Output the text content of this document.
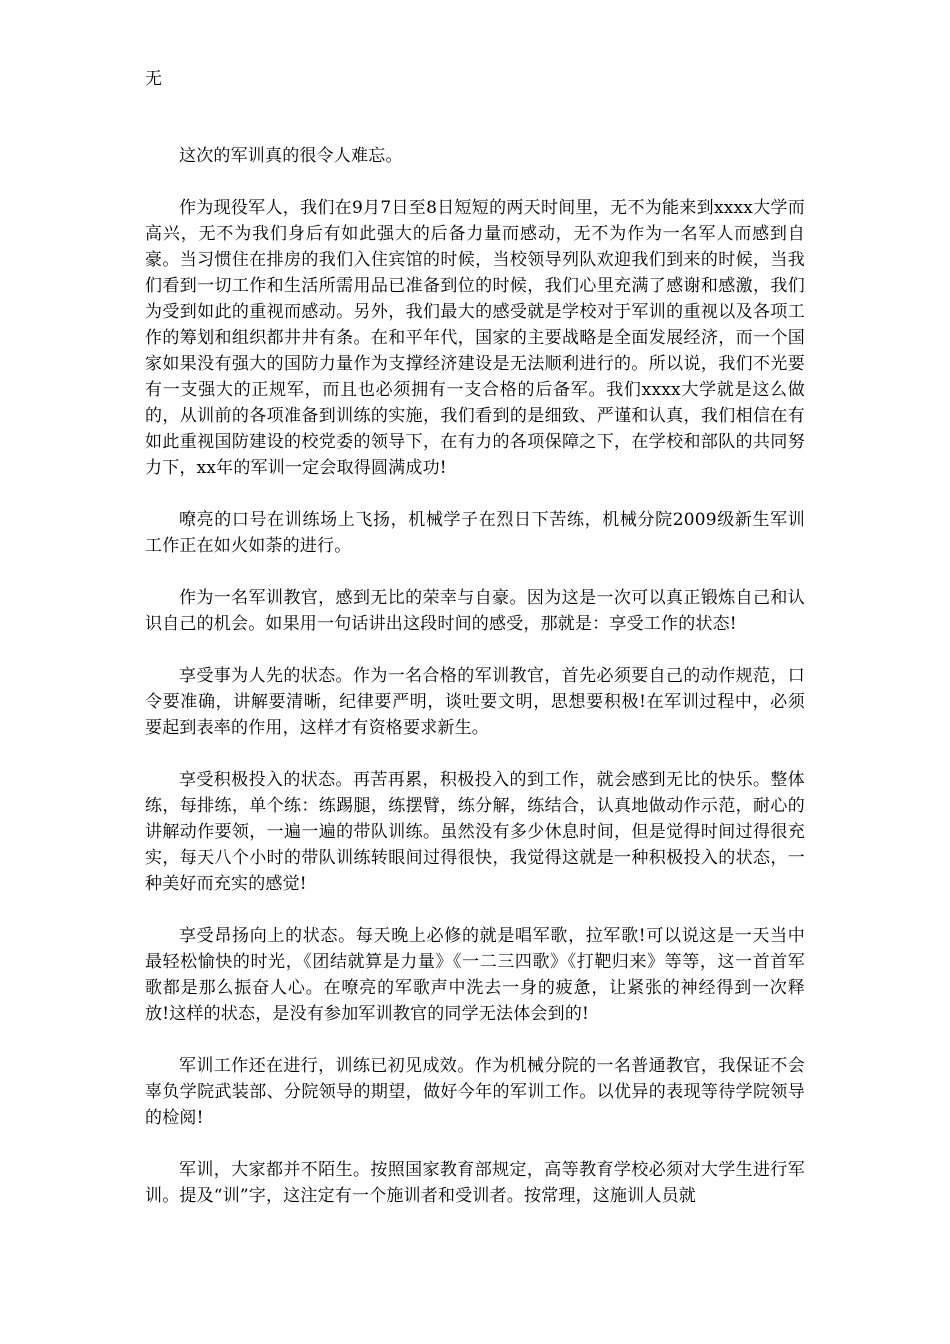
无

这次的军训真的很令人难忘。

作为现役军人，我们在9月7日至8日短短的两天时间里，无不为能来到xxxx大学而高兴，无不为我们身后有如此强大的后备力量而感动，无不为作为一名军人而感到自豪。当习惯住在排房的我们入住宾馆的时候，当校领导列队欢迎我们到来的时候，当我们看到一切工作和生活所需用品已准备到位的时候，我们心里充满了感谢和感激，我们为受到如此的重视而感动。另外，我们最大的感受就是学校对于军训的重视以及各项工作的筹划和组织都井井有条。在和平年代，国家的主要战略是全面发展经济，而一个国家如果没有强大的国防力量作为支撑经济建设是无法顺利进行的。所以说，我们不光要有一支强大的正规军，而且也必须拥有一支合格的后备军。我们xxxx大学就是这么做的，从训前的各项准备到训练的实施，我们看到的是细致、严谨和认真，我们相信在有如此重视国防建设的校党委的领导下，在有力的各项保障之下，在学校和部队的共同努力下，xx年的军训一定会取得圆满成功!

嘹亮的口号在训练场上飞扬，机械学子在烈日下苦练，机械分院2009级新生军训工作正在如火如荼的进行。

作为一名军训教官，感到无比的荣幸与自豪。因为这是一次可以真正锻炼自己和认识自己的机会。如果用一句话讲出这段时间的感受，那就是：享受工作的状态!

享受事为人先的状态。作为一名合格的军训教官，首先必须要自己的动作规范，口令要准确，讲解要清晰，纪律要严明，谈吐要文明，思想要积极!在军训过程中，必须要起到表率的作用，这样才有资格要求新生。

享受积极投入的状态。再苦再累，积极投入的到工作，就会感到无比的快乐。整体练，每排练，单个练：练踢腿，练摆臂，练分解，练结合，认真地做动作示范，耐心的讲解动作要领，一遍一遍的带队训练。虽然没有多少休息时间，但是觉得时间过得很充实，每天八个小时的带队训练转眼间过得很快，我觉得这就是一种积极投入的状态，一种美好而充实的感觉!

享受昂扬向上的状态。每天晚上必修的就是唱军歌，拉军歌!可以说这是一天当中最轻松愉快的时光，《团结就算是力量》《一二三四歌》《打靶归来》等等，这一首首军歌都是那么振奋人心。在嘹亮的军歌声中洗去一身的疲惫，让紧张的神经得到一次释放!这样的状态，是没有参加军训教官的同学无法体会到的!

军训工作还在进行，训练已初见成效。作为机械分院的一名普通教官，我保证不会辜负学院武装部、分院领导的期望，做好今年的军训工作。以优异的表现等待学院领导的检阅!

军训，大家都并不陌生。按照国家教育部规定，高等教育学校必须对大学生进行军训。提及“训”字，这注定有一个施训者和受训者。按常理，这施训人员就
